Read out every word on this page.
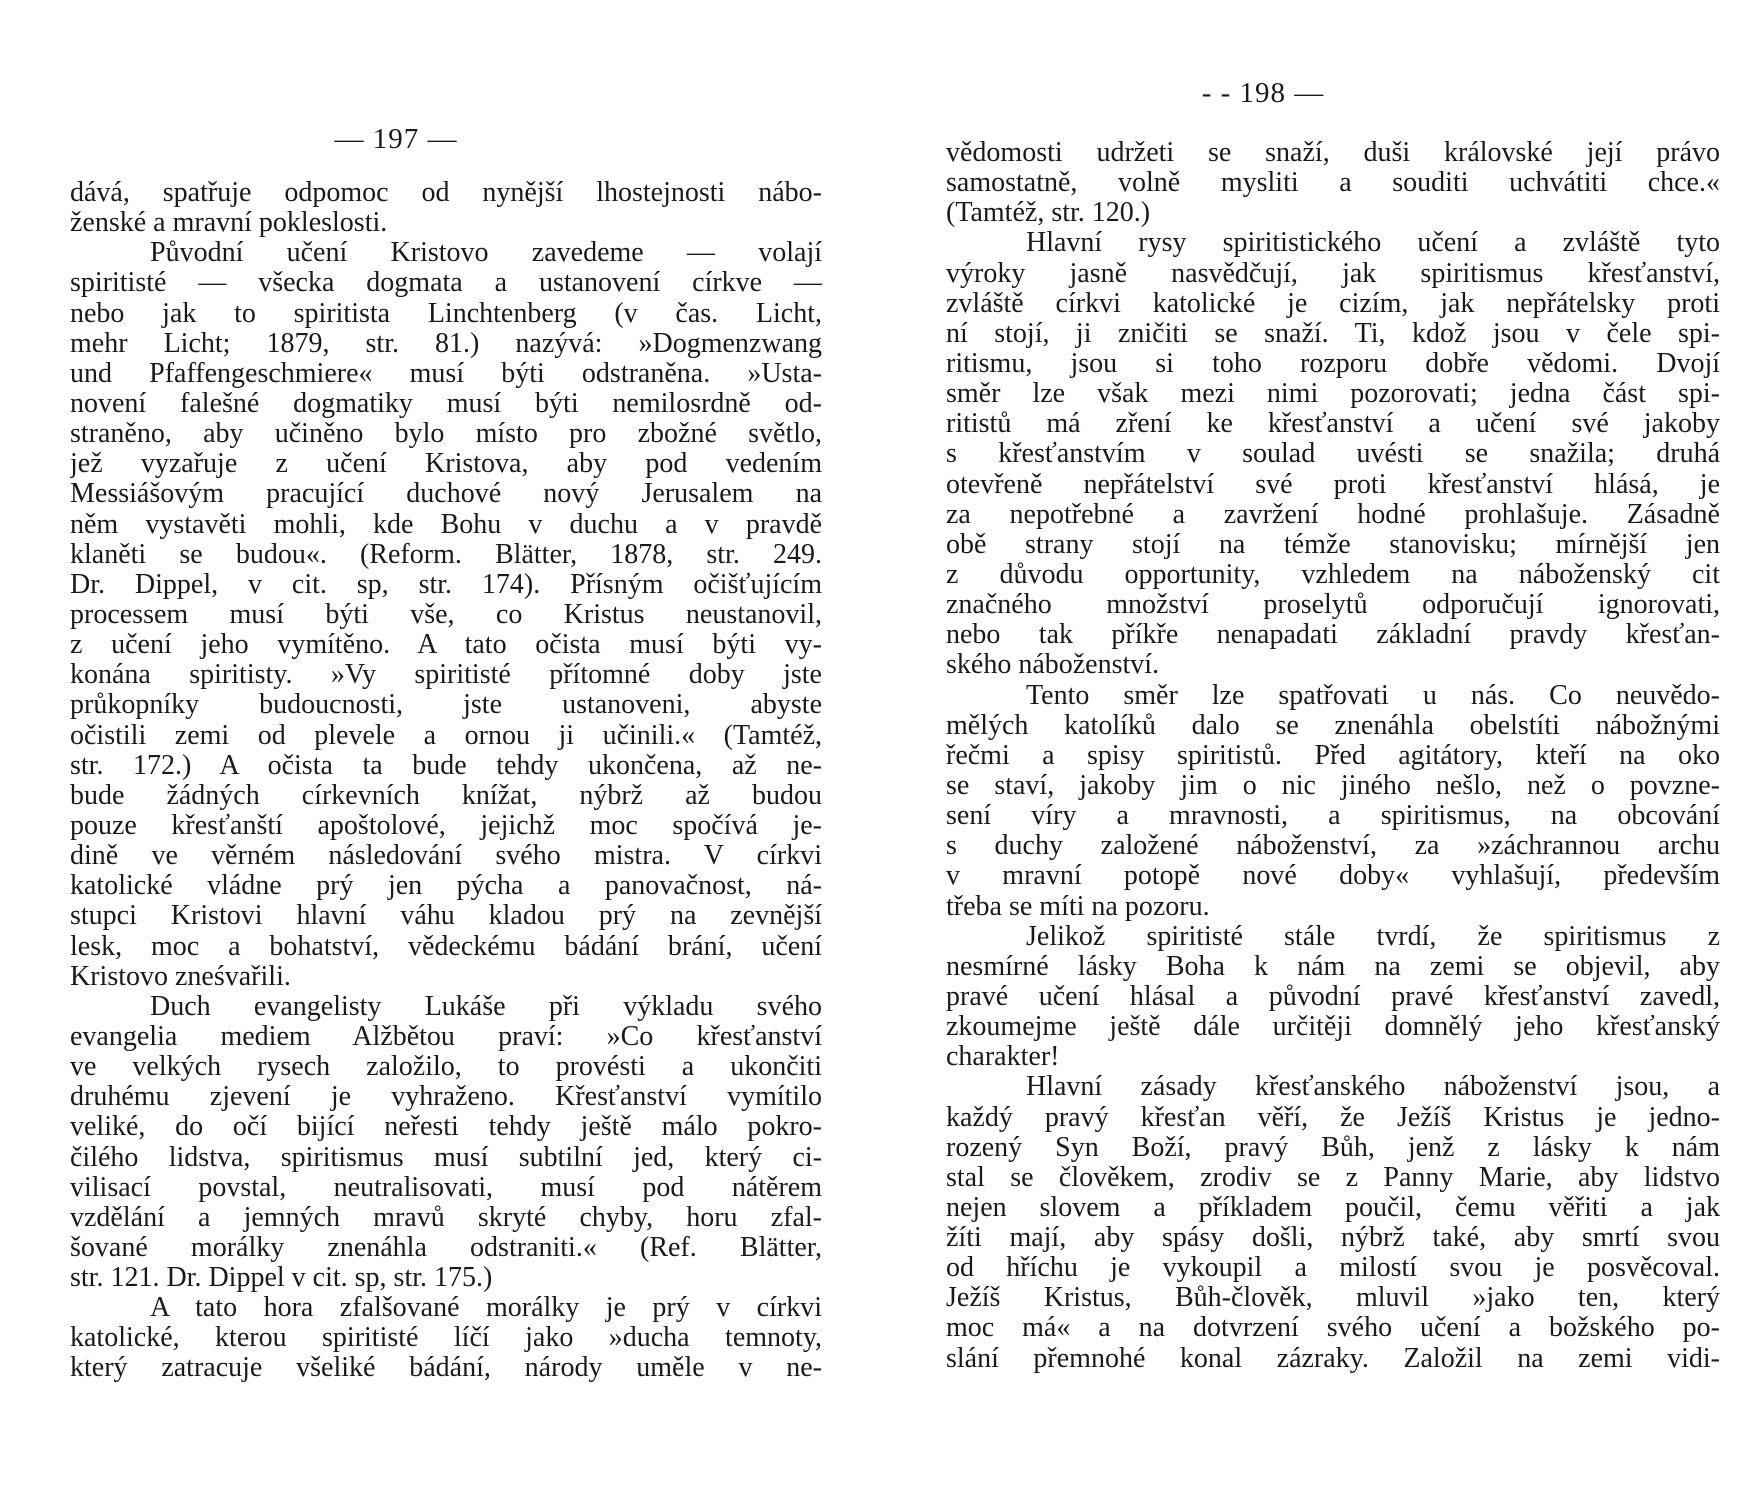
— 197 —
dává, spatřuje odpomoc od nynější lhostejnosti nábo-
ženské a mravní pokleslosti.
Původní učení Kristovo zavedeme — volají
spiritisté — všecka dogmata a ustanovení církve —
nebo jak to spiritista Linchtenberg (v čas. Licht,
mehr Licht; 1879, str. 81.) nazývá: »Dogmenzwang
und Pfaffengeschmiere« musí býti odstraněna. »Usta-
novení falešné dogmatiky musí býti nemilosrdně od-
straněno, aby učiněno bylo místo pro zbožné světlo,
jež vyzařuje z učení Kristova, aby pod vedením
Messiášovým pracující duchové nový Jerusalem na
něm vystavěti mohli, kde Bohu v duchu a v pravdě
klaněti se budou«. (Reform. Blätter, 1878, str. 249.
Dr. Dippel, v cit. sp, str. 174). Přísným očišťujícím
processem musí býti vše, co Kristus neustanovil,
z učení jeho vymítěno. A tato očista musí býti vy-
konána spiritisty. »Vy spiritisté přítomné doby jste
průkopníky budoucnosti, jste ustanoveni, abyste
očistili zemi od plevele a ornou ji učinili.« (Tamtéž,
str. 172.) A očista ta bude tehdy ukončena, až ne-
bude žádných církevních knížat, nýbrž až budou
pouze křesťanští apoštolové, jejichž moc spočívá je-
dině ve věrném následování svého mistra. V církvi
katolické vládne prý jen pýcha a panovačnost, ná-
stupci Kristovi hlavní váhu kladou prý na zevnější
lesk, moc a bohatství, vědeckému bádání brání, učení
Kristovo zneśvařili.
Duch evangelisty Lukáše při výkladu svého
evangelia mediem Alžbětou praví: »Co křesťanství
ve velkých rysech založilo, to provésti a ukončiti
druhému zjevení je vyhraženo. Křesťanství vymítilo
veliké, do očí bijící neřesti tehdy ještě málo pokro-
čilého lidstva, spiritismus musí subtilní jed, který ci-
vilisací povstal, neutralisovati, musí pod nátěrem
vzdělání a jemných mravů skryté chyby, horu zfal-
šované morálky znenáhla odstraniti.« (Ref. Blätter,
str. 121. Dr. Dippel v cit. sp, str. 175.)
A tato hora zfalšované morálky je prý v církvi
katolické, kterou spiritisté líčí jako »ducha temnoty,
který zatracuje všeliké bádání, národy uměle v ne-
- - 198 —
vědomosti udržeti se snaží, duši královské její právo
samostatně, volně mysliti a souditi uchvátiti chce.«
(Tamtéž, str. 120.)
Hlavní rysy spiritistického učení a zvláště tyto
výroky jasně nasvědčují, jak spiritismus křesťanství,
zvláště církvi katolické je cizím, jak nepřátelsky proti
ní stojí, ji zničiti se snaží. Ti, kdož jsou v čele spi-
ritismu, jsou si toho rozporu dobře vědomi. Dvojí
směr lze však mezi nimi pozorovati; jedna část spi-
ritistů má zření ke křesťanství a učení své jakoby
s křesťanstvím v soulad uvésti se snažila; druhá
otevřeně nepřátelství své proti křesťanství hlásá, je
za nepotřebné a zavržení hodné prohlašuje. Zásadně
obě strany stojí na témže stanovisku; mírnější jen
z důvodu opportunity, vzhledem na náboženský cit
značného množství proselytů odporučují ignorovati,
nebo tak příkře nenapadati základní pravdy křesťan-
ského náboženství.
Tento směr lze spatřovati u nás. Co neuvědo-
mělých katolíků dalo se znenáhla obelstíti nábožnými
řečmi a spisy spiritistů. Před agitátory, kteří na oko
se staví, jakoby jim o nic jiného nešlo, než o povzne-
sení víry a mravnosti, a spiritismus, na obcování
s duchy založené náboženství, za »záchrannou archu
v mravní potopě nové doby« vyhlašují, především
třeba se míti na pozoru.
Jelikož spiritisté stále tvrdí, že spiritismus z
nesmírné lásky Boha k nám na zemi se objevil, aby
pravé učení hlásal a původní pravé křesťanství zavedl,
zkoumejme ještě dále určitěji domnělý jeho křesťanský
charakter!
Hlavní zásady křesťanského náboženství jsou, a
každý pravý křesťan věří, že Ježíš Kristus je jedno-
rozený Syn Boží, pravý Bůh, jenž z lásky k nám
stal se člověkem, zrodiv se z Panny Marie, aby lidstvo
nejen slovem a příkladem poučil, čemu věřiti a jak
žíti mají, aby spásy došli, nýbrž také, aby smrtí svou
od hříchu je vykoupil a milostí svou je posvěcoval.
Ježíš Kristus, Bůh-člověk, mluvil »jako ten, který
moc má« a na dotvrzení svého učení a božského po-
slání přemnohé konal zázraky. Založil na zemi vidi-
